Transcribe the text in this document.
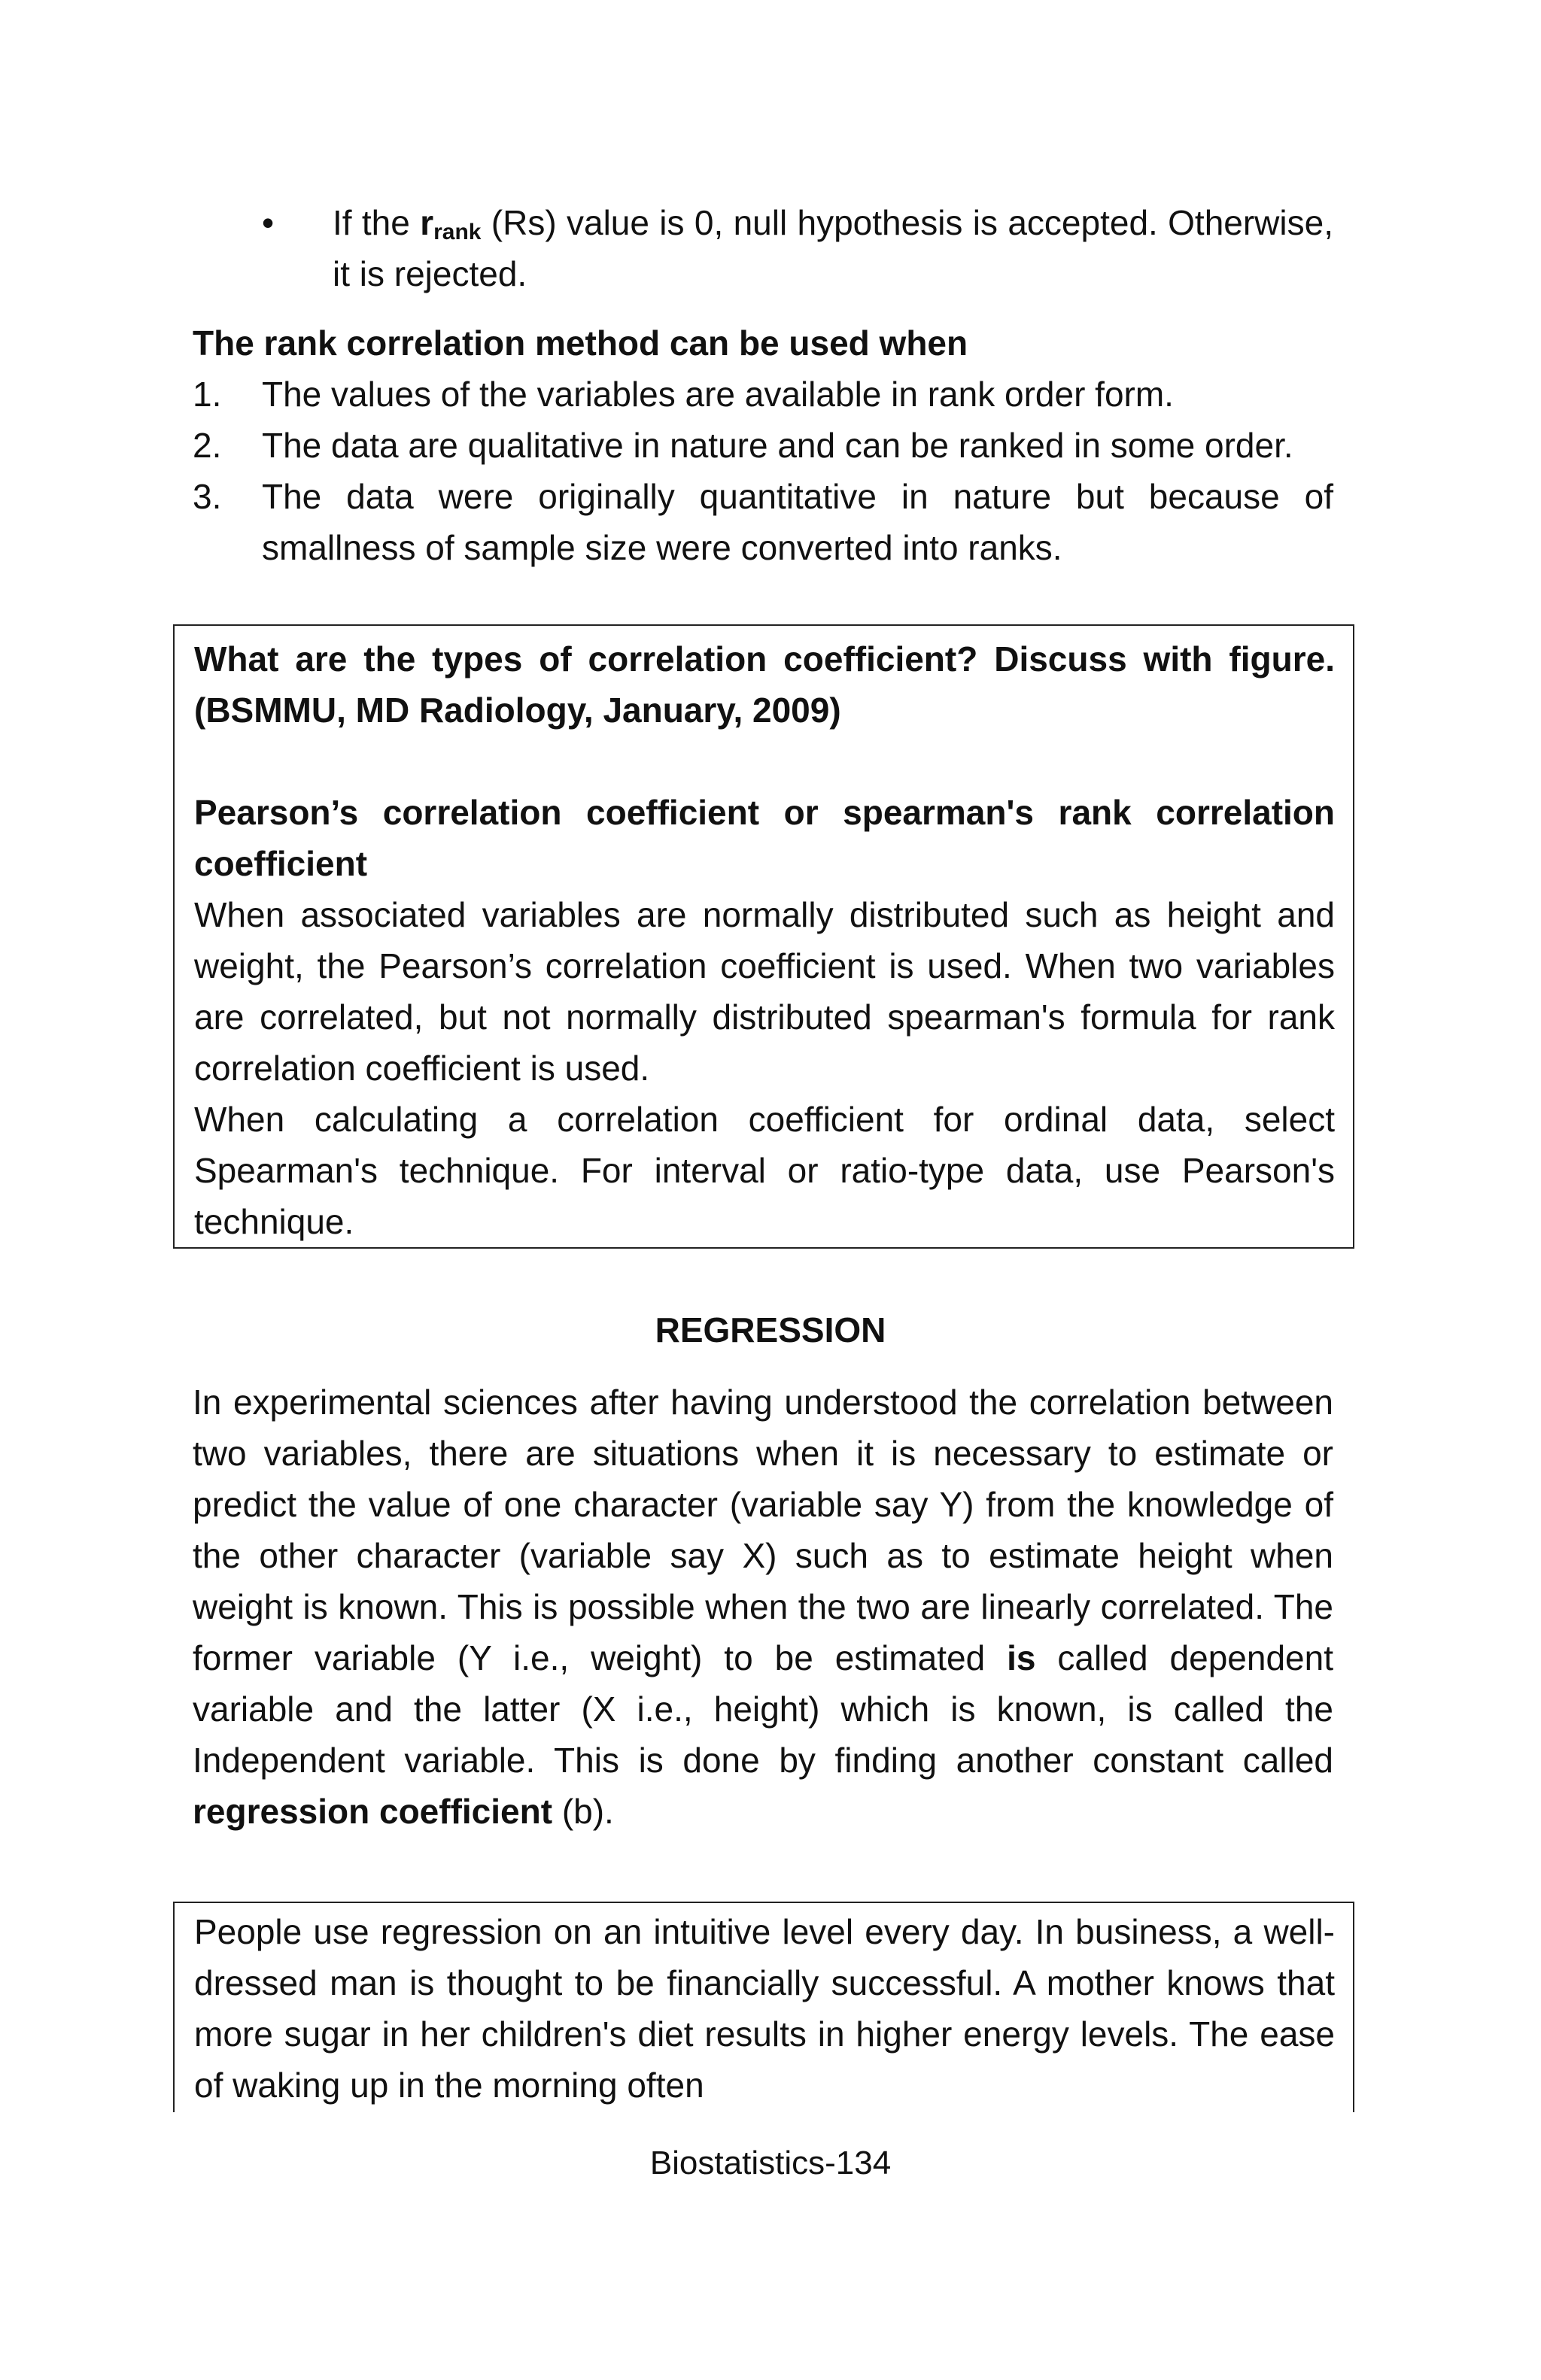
• If the $r_{rank}$ (Rs) value is 0, null hypothesis is accepted. Otherwise, it is rejected.

The rank correlation method can be used when

1. The values of the variables are available in rank order form.
2. The data are qualitative in nature and can be ranked in some order.
3. The data were originally quantitative in nature but because of smallness of sample size were converted into ranks.

What are the types of correlation coefficient? Discuss with figure. (BSMMU, MD Radiology, January, 2009)

Pearson’s correlation coefficient or spearman's rank correlation coefficient

When associated variables are normally distributed such as height and weight, the Pearson’s correlation coefficient is used. When two variables are correlated, but not normally distributed spearman's formula for rank correlation coefficient is used.

When calculating a correlation coefficient for ordinal data, select Spearman's technique. For interval or ratio-type data, use Pearson's technique.

REGRESSION

In experimental sciences after having understood the correlation between two variables, there are situations when it is necessary to estimate or predict the value of one character (variable say Y) from the knowledge of the other character (variable say X) such as to estimate height when weight is known. This is possible when the two are linearly correlated. The former variable (Y i.e., weight) to be estimated is called dependent variable and the latter (X i.e., height) which is known, is called the Independent variable. This is done by finding another constant called regression coefficient (b).

People use regression on an intuitive level every day. In business, a well-dressed man is thought to be financially successful. A mother knows that more sugar in her children's diet results in higher energy levels. The ease of waking up in the morning often

Biostatistics-134
